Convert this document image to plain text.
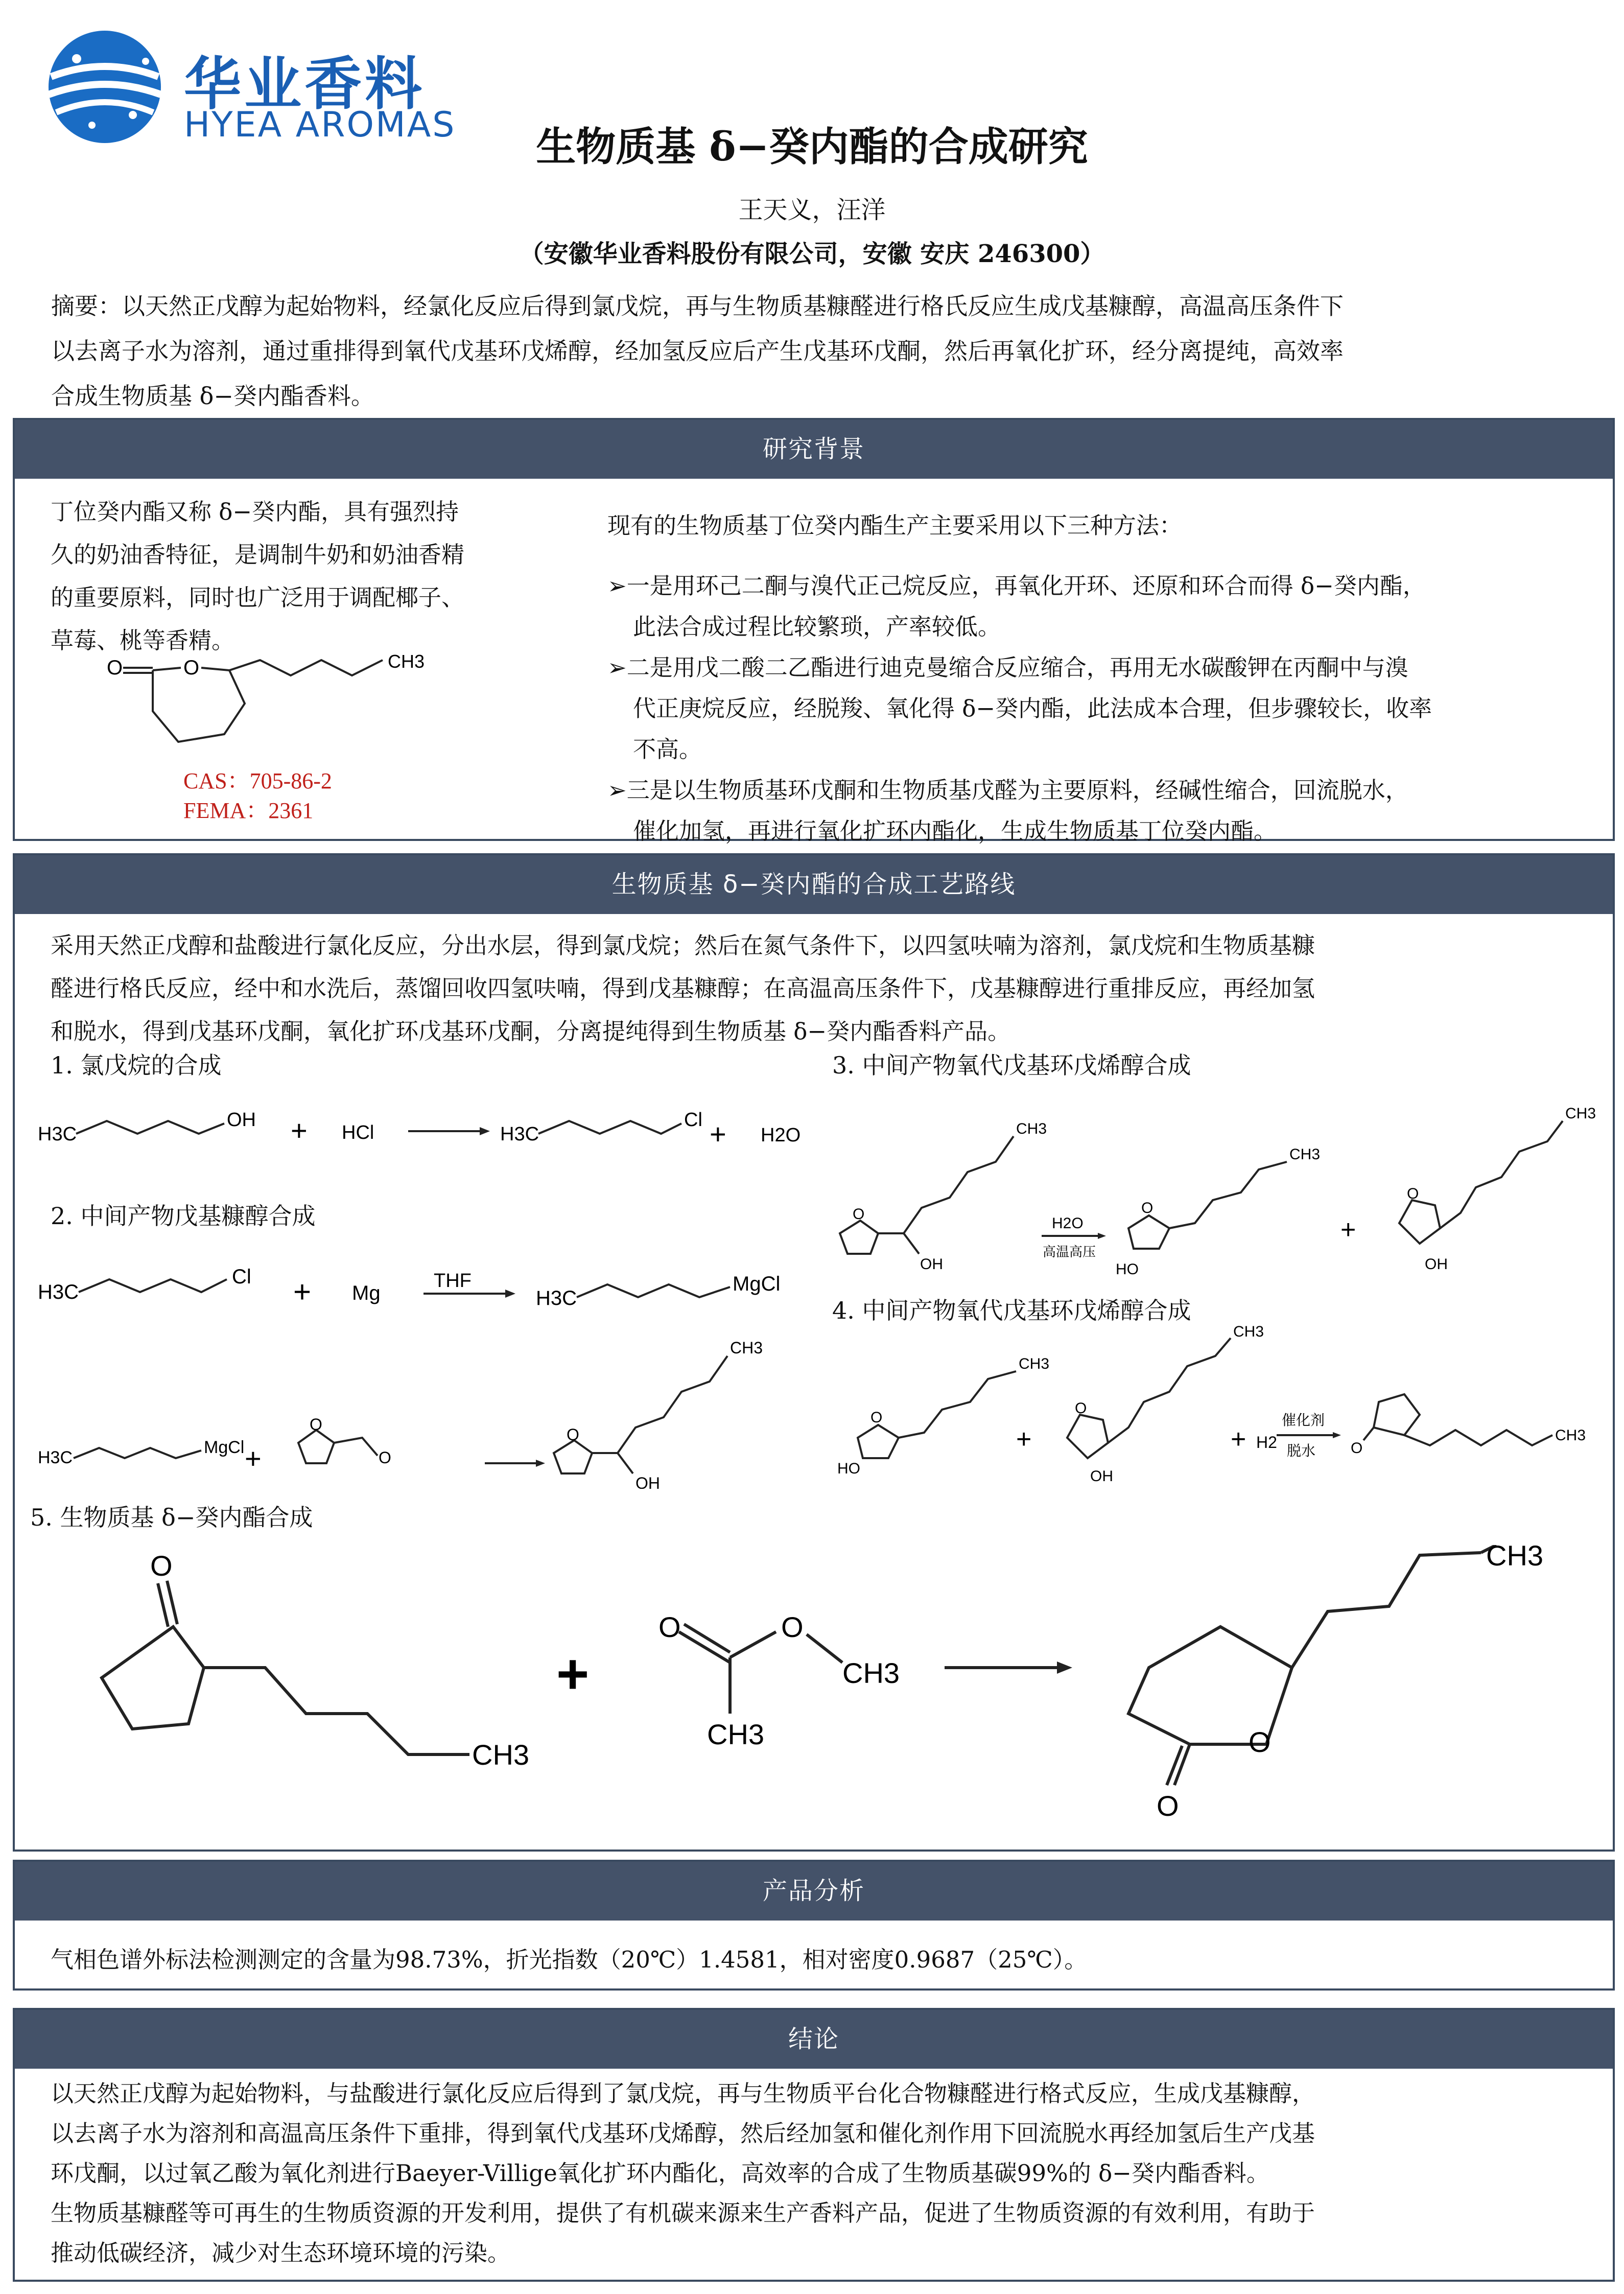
华业香料
HYEA AROMAS	生物质基 δ−癸内酯的合成研究
王天义，汪洋
（安徽华业香料股份有限公司，安徽 安庆 246300）
摘要：以天然正戊醇为起始物料，经氯化反应后得到氯戊烷，再与生物质基糠醛进行格氏反应生成戊基糠醇，高温高压条件下
以去离子水为溶剂，通过重排得到氧代戊基环戊烯醇，经加氢反应后产生戊基环戊酮，然后再氧化扩环，经分离提纯，高效率
合成生物质基 δ−癸内酯香料。
研究背景
丁位癸内酯又称 δ−癸内酯，具有强烈持
久的奶油香特征，是调制牛奶和奶油香精
的重要原料，同时也广泛用于调配椰子、
草莓、桃等香精。
O	O	CH3
CAS：705-86-2
FEMA：2361
现有的生物质基丁位癸内酯生产主要采用以下三种方法：
➢一是用环己二酮与溴代正己烷反应，再氧化开环、还原和环合而得 δ−癸内酯，
此法合成过程比较繁琐，产率较低。
➢二是用戊二酸二乙酯进行迪克曼缩合反应缩合，再用无水碳酸钾在丙酮中与溴
代正庚烷反应，经脱羧、氧化得 δ−癸内酯，此法成本合理，但步骤较长，收率
不高。
➢三是以生物质基环戊酮和生物质基戊醛为主要原料，经碱性缩合，回流脱水，
催化加氢，再进行氧化扩环内酯化，生成生物质基丁位癸内酯。
生物质基 δ−癸内酯的合成工艺路线
采用天然正戊醇和盐酸进行氯化反应，分出水层，得到氯戊烷；然后在氮气条件下，以四氢呋喃为溶剂，氯戊烷和生物质基糠
醛进行格氏反应，经中和水洗后，蒸馏回收四氢呋喃，得到戊基糠醇；在高温高压条件下，戊基糠醇进行重排反应，再经加氢
和脱水，得到戊基环戊酮，氧化扩环戊基环戊酮，分离提纯得到生物质基 δ−癸内酯香料产品。
1. 氯戊烷的合成
2. 中间产物戊基糠醇合成
3. 中间产物氧代戊基环戊烯醇合成
4. 中间产物氧代戊基环戊烯醇合成
5. 生物质基 δ−癸内酯合成
H3C
OH + HCl	H3C
Cl + H2O
H3C
Cl + Mg
THF
H3C
MgCl
H3C
MgCl +
O
O
O
OH
CH3
O
OH
CH3
H2O
高温高压
O
HO
CH3
+
O
OH
CH3
O
HO
CH3
+
O
OH
CH3
+ H2
催化剂
脱水 O
CH3
O
CH3
+
O	O
CH3
CH3
O
CH3
O
产品分析
气相色谱外标法检测测定的含量为98.73%，折光指数（20℃）1.4581，相对密度0.9687（25℃）。
结论
以天然正戊醇为起始物料，与盐酸进行氯化反应后得到了氯戊烷，再与生物质平台化合物糠醛进行格式反应，生成戊基糠醇，
以去离子水为溶剂和高温高压条件下重排，得到氧代戊基环戊烯醇，然后经加氢和催化剂作用下回流脱水再经加氢后生产戊基
环戊酮，以过氧乙酸为氧化剂进行Baeyer-Villige氧化扩环内酯化，高效率的合成了生物质基碳99%的 δ−癸内酯香料。
生物质基糠醛等可再生的生物质资源的开发利用，提供了有机碳来源来生产香料产品，促进了生物质资源的有效利用，有助于
推动低碳经济，减少对生态环境环境的污染。
